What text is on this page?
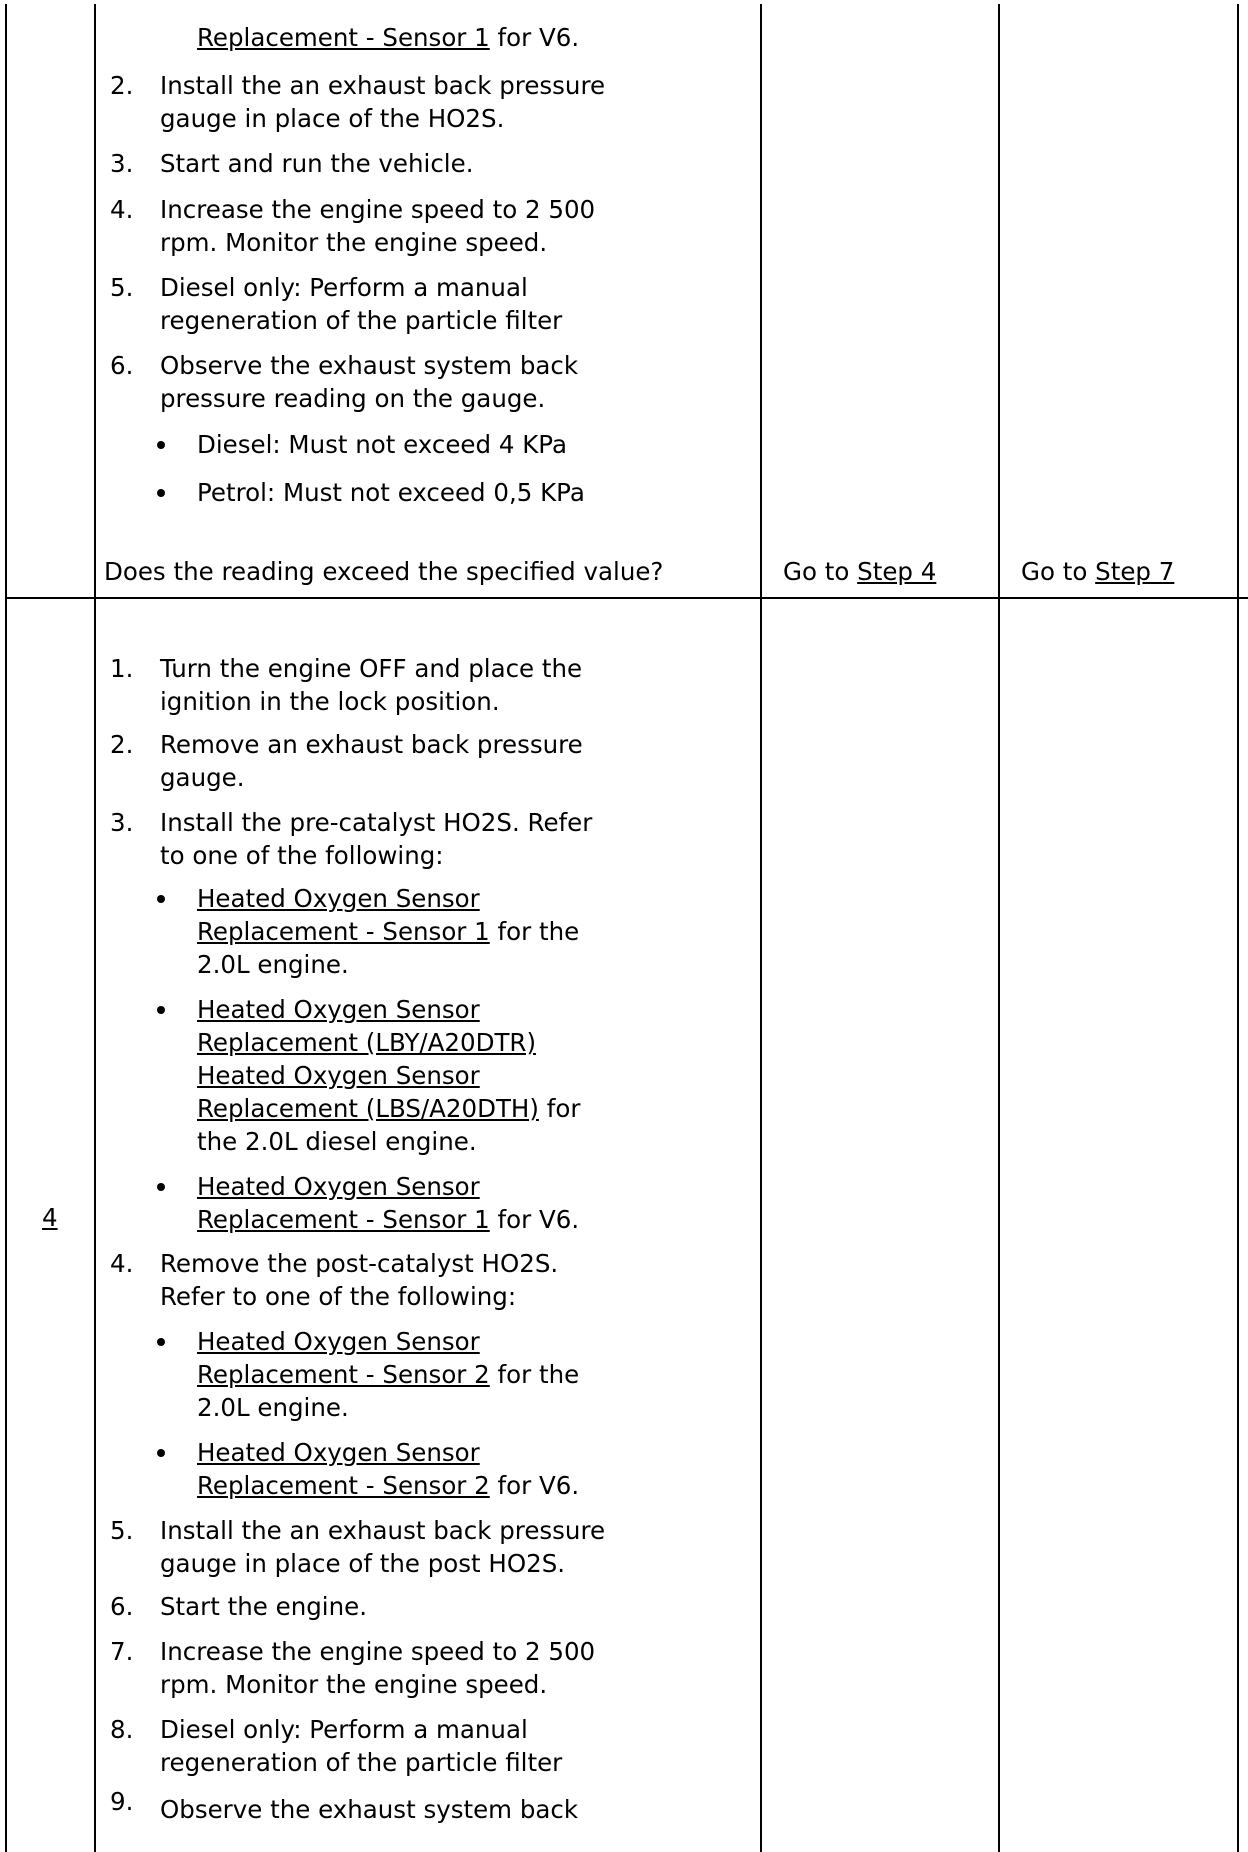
Replacement - Sensor 1 for V6.
2. Install the an exhaust back pressure
gauge in place of the HO2S.
3. Start and run the vehicle.
4. Increase the engine speed to 2 500
rpm. Monitor the engine speed.
5. Diesel only: Perform a manual
regeneration of the particle filter
6. Observe the exhaust system back
pressure reading on the gauge.
Diesel: Must not exceed 4 KPa
Petrol: Must not exceed 0,5 KPa
Does the reading exceed the specified value?	Go to Step 4	Go to Step 7
4
1. Turn the engine OFF and place the
ignition in the lock position.
2. Remove an exhaust back pressure
gauge.
3. Install the pre-catalyst HO2S. Refer
to one of the following:
Heated Oxygen Sensor
Replacement - Sensor 1 for the
2.0L engine.
Heated Oxygen Sensor
Replacement (LBY/A20DTR)
Heated Oxygen Sensor
Replacement (LBS/A20DTH) for
the 2.0L diesel engine.
Heated Oxygen Sensor
Replacement - Sensor 1 for V6.
4. Remove the post-catalyst HO2S.
Refer to one of the following:
Heated Oxygen Sensor
Replacement - Sensor 2 for the
2.0L engine.
Heated Oxygen Sensor
Replacement - Sensor 2 for V6.
5. Install the an exhaust back pressure
gauge in place of the post HO2S.
6. Start the engine.
7. Increase the engine speed to 2 500
rpm. Monitor the engine speed.
8. Diesel only: Perform a manual
regeneration of the particle filter
9. Observe the exhaust system back
